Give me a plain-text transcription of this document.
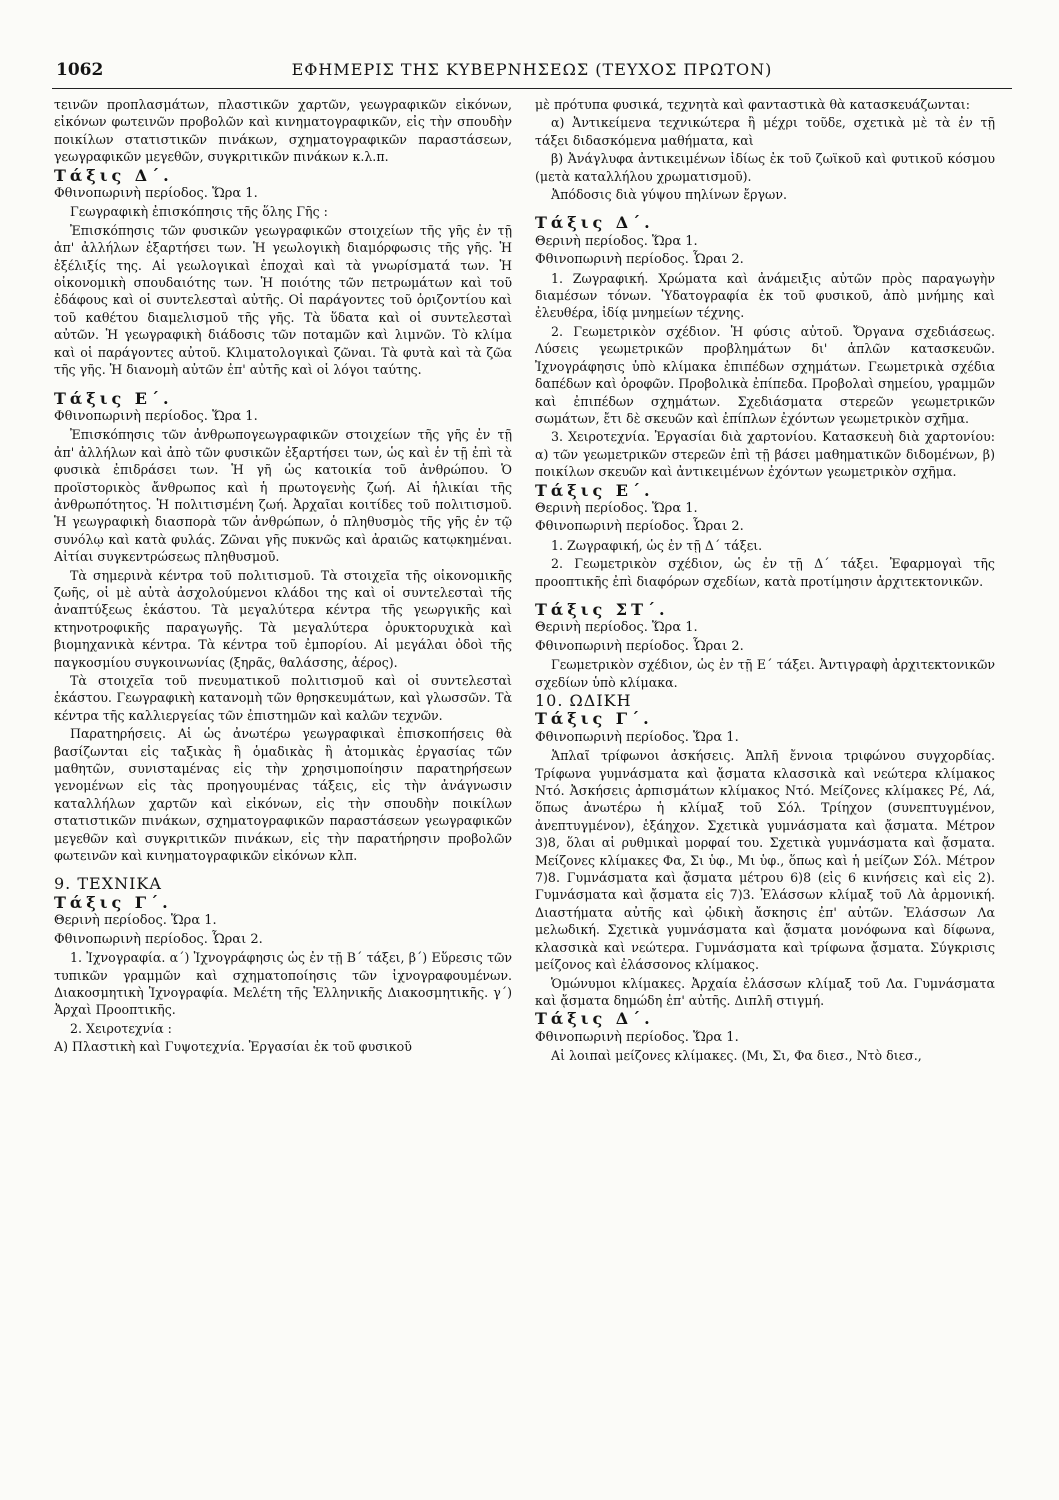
1062	ΕΦΗΜΕΡΙΣ ΤΗΣ ΚΥΒΕΡΝΗΣΕΩΣ (ΤΕΥΧΟΣ ΠΡΩΤΟΝ)

τεινῶν προπλασμάτων, πλαστικῶν χαρτῶν, γεωγραφικῶν εἰκόνων, εἰκόνων φωτεινῶν προβολῶν καὶ κινηματογραφικῶν, εἰς τὴν σπουδὴν ποικίλων στατιστικῶν πινάκων, σχηματογραφικῶν παραστάσεων, γεωγραφικῶν μεγεθῶν, συγκριτικῶν πινάκων κ.λ.π.

Τάξις Δ΄.

Φθινοπωρινὴ περίοδος. Ὥρα 1.

Γεωγραφικὴ ἐπισκόπησις τῆς ὅλης Γῆς :

Ἐπισκόπησις τῶν φυσικῶν γεωγραφικῶν στοιχείων τῆς γῆς ἐν τῇ ἀπ' ἀλλήλων ἐξαρτήσει των. Ἡ γεωλογικὴ διαμόρφωσις τῆς γῆς. Ἡ ἐξέλιξίς της. Αἱ γεωλογικαὶ ἐποχαὶ καὶ τὰ γνωρίσματά των. Ἡ οἰκονομικὴ σπουδαιότης των. Ἡ ποιότης τῶν πετρωμάτων καὶ τοῦ ἐδάφους καὶ οἱ συντελεσταὶ αὐτῆς. Οἱ παράγοντες τοῦ ὁριζοντίου καὶ τοῦ καθέτου διαμελισμοῦ τῆς γῆς. Τὰ ὕδατα καὶ οἱ συντελεσταὶ αὐτῶν. Ἡ γεωγραφικὴ διάδοσις τῶν ποταμῶν καὶ λιμνῶν. Τὸ κλίμα καὶ οἱ παράγοντες αὐτοῦ. Κλιματολογικαὶ ζῶναι. Τὰ φυτὰ καὶ τὰ ζῶα τῆς γῆς. Ἡ διανομὴ αὐτῶν ἐπ' αὐτῆς καὶ οἱ λόγοι ταύτης.

Τάξις Ε΄.

Φθινοπωρινὴ περίοδος. Ὥρα 1.

Ἐπισκόπησις τῶν ἀνθρωπογεωγραφικῶν στοιχείων τῆς γῆς ἐν τῇ ἀπ' ἀλλήλων καὶ ἀπὸ τῶν φυσικῶν ἐξαρτήσει των, ὡς καὶ ἐν τῇ ἐπὶ τὰ φυσικὰ ἐπιδράσει των. Ἡ γῆ ὡς κατοικία τοῦ ἀνθρώπου. Ὁ προϊστορικὸς ἄνθρωπος καὶ ἡ πρωτογενὴς ζωή. Αἱ ἡλικίαι τῆς ἀνθρωπότητος. Ἡ πολιτισμένη ζωή. Ἀρχαῖαι κοιτίδες τοῦ πολιτισμοῦ. Ἡ γεωγραφικὴ διασπορὰ τῶν ἀνθρώπων, ὁ πληθυσμὸς τῆς γῆς ἐν τῷ συνόλῳ καὶ κατὰ φυλάς. Ζῶναι γῆς πυκνῶς καὶ ἀραιῶς κατῳκημέναι. Αἰτίαι συγκεντρώσεως πληθυσμοῦ.

Τὰ σημερινὰ κέντρα τοῦ πολιτισμοῦ. Τὰ στοιχεῖα τῆς οἰκονομικῆς ζωῆς, οἱ μὲ αὐτὰ ἀσχολούμενοι κλάδοι της καὶ οἱ συντελεσταὶ τῆς ἀναπτύξεως ἑκάστου. Τὰ μεγαλύτερα κέντρα τῆς γεωργικῆς καὶ κτηνοτροφικῆς παραγωγῆς. Τὰ μεγαλύτερα ὀρυκτορυχικὰ καὶ βιομηχανικὰ κέντρα. Τὰ κέντρα τοῦ ἐμπορίου. Αἱ μεγάλαι ὁδοὶ τῆς παγκοσμίου συγκοινωνίας (ξηρᾶς, θαλάσσης, ἀέρος).

Τὰ στοιχεῖα τοῦ πνευματικοῦ πολιτισμοῦ καὶ οἱ συντελεσταὶ ἑκάστου. Γεωγραφικὴ κατανομὴ τῶν θρησκευμάτων, καὶ γλωσσῶν. Τὰ κέντρα τῆς καλλιεργείας τῶν ἐπιστημῶν καὶ καλῶν τεχνῶν.

Παρατηρήσεις. Αἱ ὡς ἀνωτέρω γεωγραφικαὶ ἐπισκοπήσεις θὰ βασίζωνται εἰς ταξικὰς ἢ ὁμαδικὰς ἢ ἀτομικὰς ἐργασίας τῶν μαθητῶν, συνισταμένας εἰς τὴν χρησιμοποίησιν παρατηρήσεων γενομένων εἰς τὰς προηγουμένας τάξεις, εἰς τὴν ἀνάγνωσιν καταλλήλων χαρτῶν καὶ εἰκόνων, εἰς τὴν σπουδὴν ποικίλων στατιστικῶν πινάκων, σχηματογραφικῶν παραστάσεων γεωγραφικῶν μεγεθῶν καὶ συγκριτικῶν πινάκων, εἰς τὴν παρατήρησιν προβολῶν φωτεινῶν καὶ κινηματογραφικῶν εἰκόνων κλπ.

9. ΤΕΧΝΙΚΑ

Τάξις Γ΄.

Θερινὴ περίοδος. Ὥρα 1.

Φθινοπωρινὴ περίοδος. Ὧραι 2.

1. Ἰχνογραφία. α΄) Ἰχνογράφησις ὡς ἐν τῇ Β΄ τάξει, β΄) Εὕρεσις τῶν τυπικῶν γραμμῶν καὶ σχηματοποίησις τῶν ἰχνογραφουμένων. Διακοσμητικὴ Ἰχνογραφία. Μελέτη τῆς Ἑλληνικῆς Διακοσμητικῆς. γ΄) Ἀρχαὶ Προοπτικῆς.

2. Χειροτεχνία :

Α) Πλαστικὴ καὶ Γυψοτεχνία. Ἐργασίαι ἐκ τοῦ φυσικοῦ

μὲ πρότυπα φυσικά, τεχνητὰ καὶ φανταστικὰ θὰ κατασκευάζωνται:

α) Ἀντικείμενα τεχνικώτερα ἢ μέχρι τοῦδε, σχετικὰ μὲ τὰ ἐν τῇ τάξει διδασκόμενα μαθήματα, καὶ

β) Ἀνάγλυφα ἀντικειμένων ἰδίως ἐκ τοῦ ζωϊκοῦ καὶ φυτικοῦ κόσμου (μετὰ καταλλήλου χρωματισμοῦ).

Ἀπόδοσις διὰ γύψου πηλίνων ἔργων.

Τάξις Δ΄.

Θερινὴ περίοδος. Ὥρα 1.

Φθινοπωρινὴ περίοδος. Ὧραι 2.

1. Ζωγραφική. Χρώματα καὶ ἀνάμειξις αὐτῶν πρὸς παραγωγὴν διαμέσων τόνων. Ὑδατογραφία ἐκ τοῦ φυσικοῦ, ἀπὸ μνήμης καὶ ἐλευθέρα, ἰδίᾳ μνημείων τέχνης.

2. Γεωμετρικὸν σχέδιον. Ἡ φύσις αὐτοῦ. Ὄργανα σχεδιάσεως. Λύσεις γεωμετρικῶν προβλημάτων δι' ἁπλῶν κατασκευῶν. Ἰχνογράφησις ὑπὸ κλίμακα ἐπιπέδων σχημάτων. Γεωμετρικὰ σχέδια δαπέδων καὶ ὀροφῶν. Προβολικὰ ἐπίπεδα. Προβολαὶ σημείου, γραμμῶν καὶ ἐπιπέδων σχημάτων. Σχεδιάσματα στερεῶν γεωμετρικῶν σωμάτων, ἔτι δὲ σκευῶν καὶ ἐπίπλων ἐχόντων γεωμετρικὸν σχῆμα.

3. Χειροτεχνία. Ἐργασίαι διὰ χαρτονίου. Κατασκευὴ διὰ χαρτονίου: α) τῶν γεωμετρικῶν στερεῶν ἐπὶ τῇ βάσει μαθηματικῶν διδομένων, β) ποικίλων σκευῶν καὶ ἀντικειμένων ἐχόντων γεωμετρικὸν σχῆμα.

Τάξις Ε΄.

Θερινὴ περίοδος. Ὥρα 1.

Φθινοπωρινὴ περίοδος. Ὧραι 2.

1. Ζωγραφική, ὡς ἐν τῇ Δ΄ τάξει.

2. Γεωμετρικὸν σχέδιον, ὡς ἐν τῇ Δ΄ τάξει. Ἐφαρμογαὶ τῆς προοπτικῆς ἐπὶ διαφόρων σχεδίων, κατὰ προτίμησιν ἀρχιτεκτονικῶν.

Τάξις ΣΤ΄.

Θερινὴ περίοδος. Ὥρα 1.

Φθινοπωρινὴ περίοδος. Ὧραι 2.

Γεωμετρικὸν σχέδιον, ὡς ἐν τῇ Ε΄ τάξει. Ἀντιγραφὴ ἀρχιτεκτονικῶν σχεδίων ὑπὸ κλίμακα.

10. ΩΔΙΚΗ

Τάξις Γ΄.

Φθινοπωρινὴ περίοδος. Ὥρα 1.

Ἁπλαῖ τρίφωνοι ἀσκήσεις. Ἁπλῆ ἔννοια τριφώνου συγχορδίας. Τρίφωνα γυμνάσματα καὶ ᾄσματα κλασσικὰ καὶ νεώτερα κλίμακος Ντό. Ἀσκήσεις ἀρπισμάτων κλίμακος Ντό. Μείζονες κλίμακες Ρέ, Λά, ὅπως ἀνωτέρω ἡ κλίμαξ τοῦ Σόλ. Τρίηχον (συνεπτυγμένον, ἀνεπτυγμένον), ἑξάηχον. Σχετικὰ γυμνάσματα καὶ ᾄσματα. Μέτρον 3)8, ὅλαι αἱ ρυθμικαὶ μορφαί του. Σχετικὰ γυμνάσματα καὶ ᾄσματα. Μείζονες κλίμακες Φα, Σι ὑφ., Μι ὑφ., ὅπως καὶ ἡ μείζων Σόλ. Μέτρον 7)8. Γυμνάσματα καὶ ᾄσματα μέτρου 6)8 (εἰς 6 κινήσεις καὶ εἰς 2). Γυμνάσματα καὶ ᾄσματα εἰς 7)3. Ἐλάσσων κλίμαξ τοῦ Λὰ ἁρμονική. Διαστήματα αὐτῆς καὶ ᾠδικὴ ἄσκησις ἐπ' αὐτῶν. Ἐλάσσων Λα μελωδική. Σχετικὰ γυμνάσματα καὶ ᾄσματα μονόφωνα καὶ δίφωνα, κλασσικὰ καὶ νεώτερα. Γυμνάσματα καὶ τρίφωνα ᾄσματα. Σύγκρισις μείζονος καὶ ἐλάσσονος κλίμακος.

Ὁμώνυμοι κλίμακες. Ἀρχαία ἐλάσσων κλίμαξ τοῦ Λα. Γυμνάσματα καὶ ᾄσματα δημώδη ἐπ' αὐτῆς. Διπλῆ στιγμή.

Τάξις Δ΄.

Φθινοπωρινὴ περίοδος. Ὥρα 1.

Αἱ λοιπαὶ μείζονες κλίμακες. (Μι, Σι, Φα διεσ., Ντὸ διεσ.,
